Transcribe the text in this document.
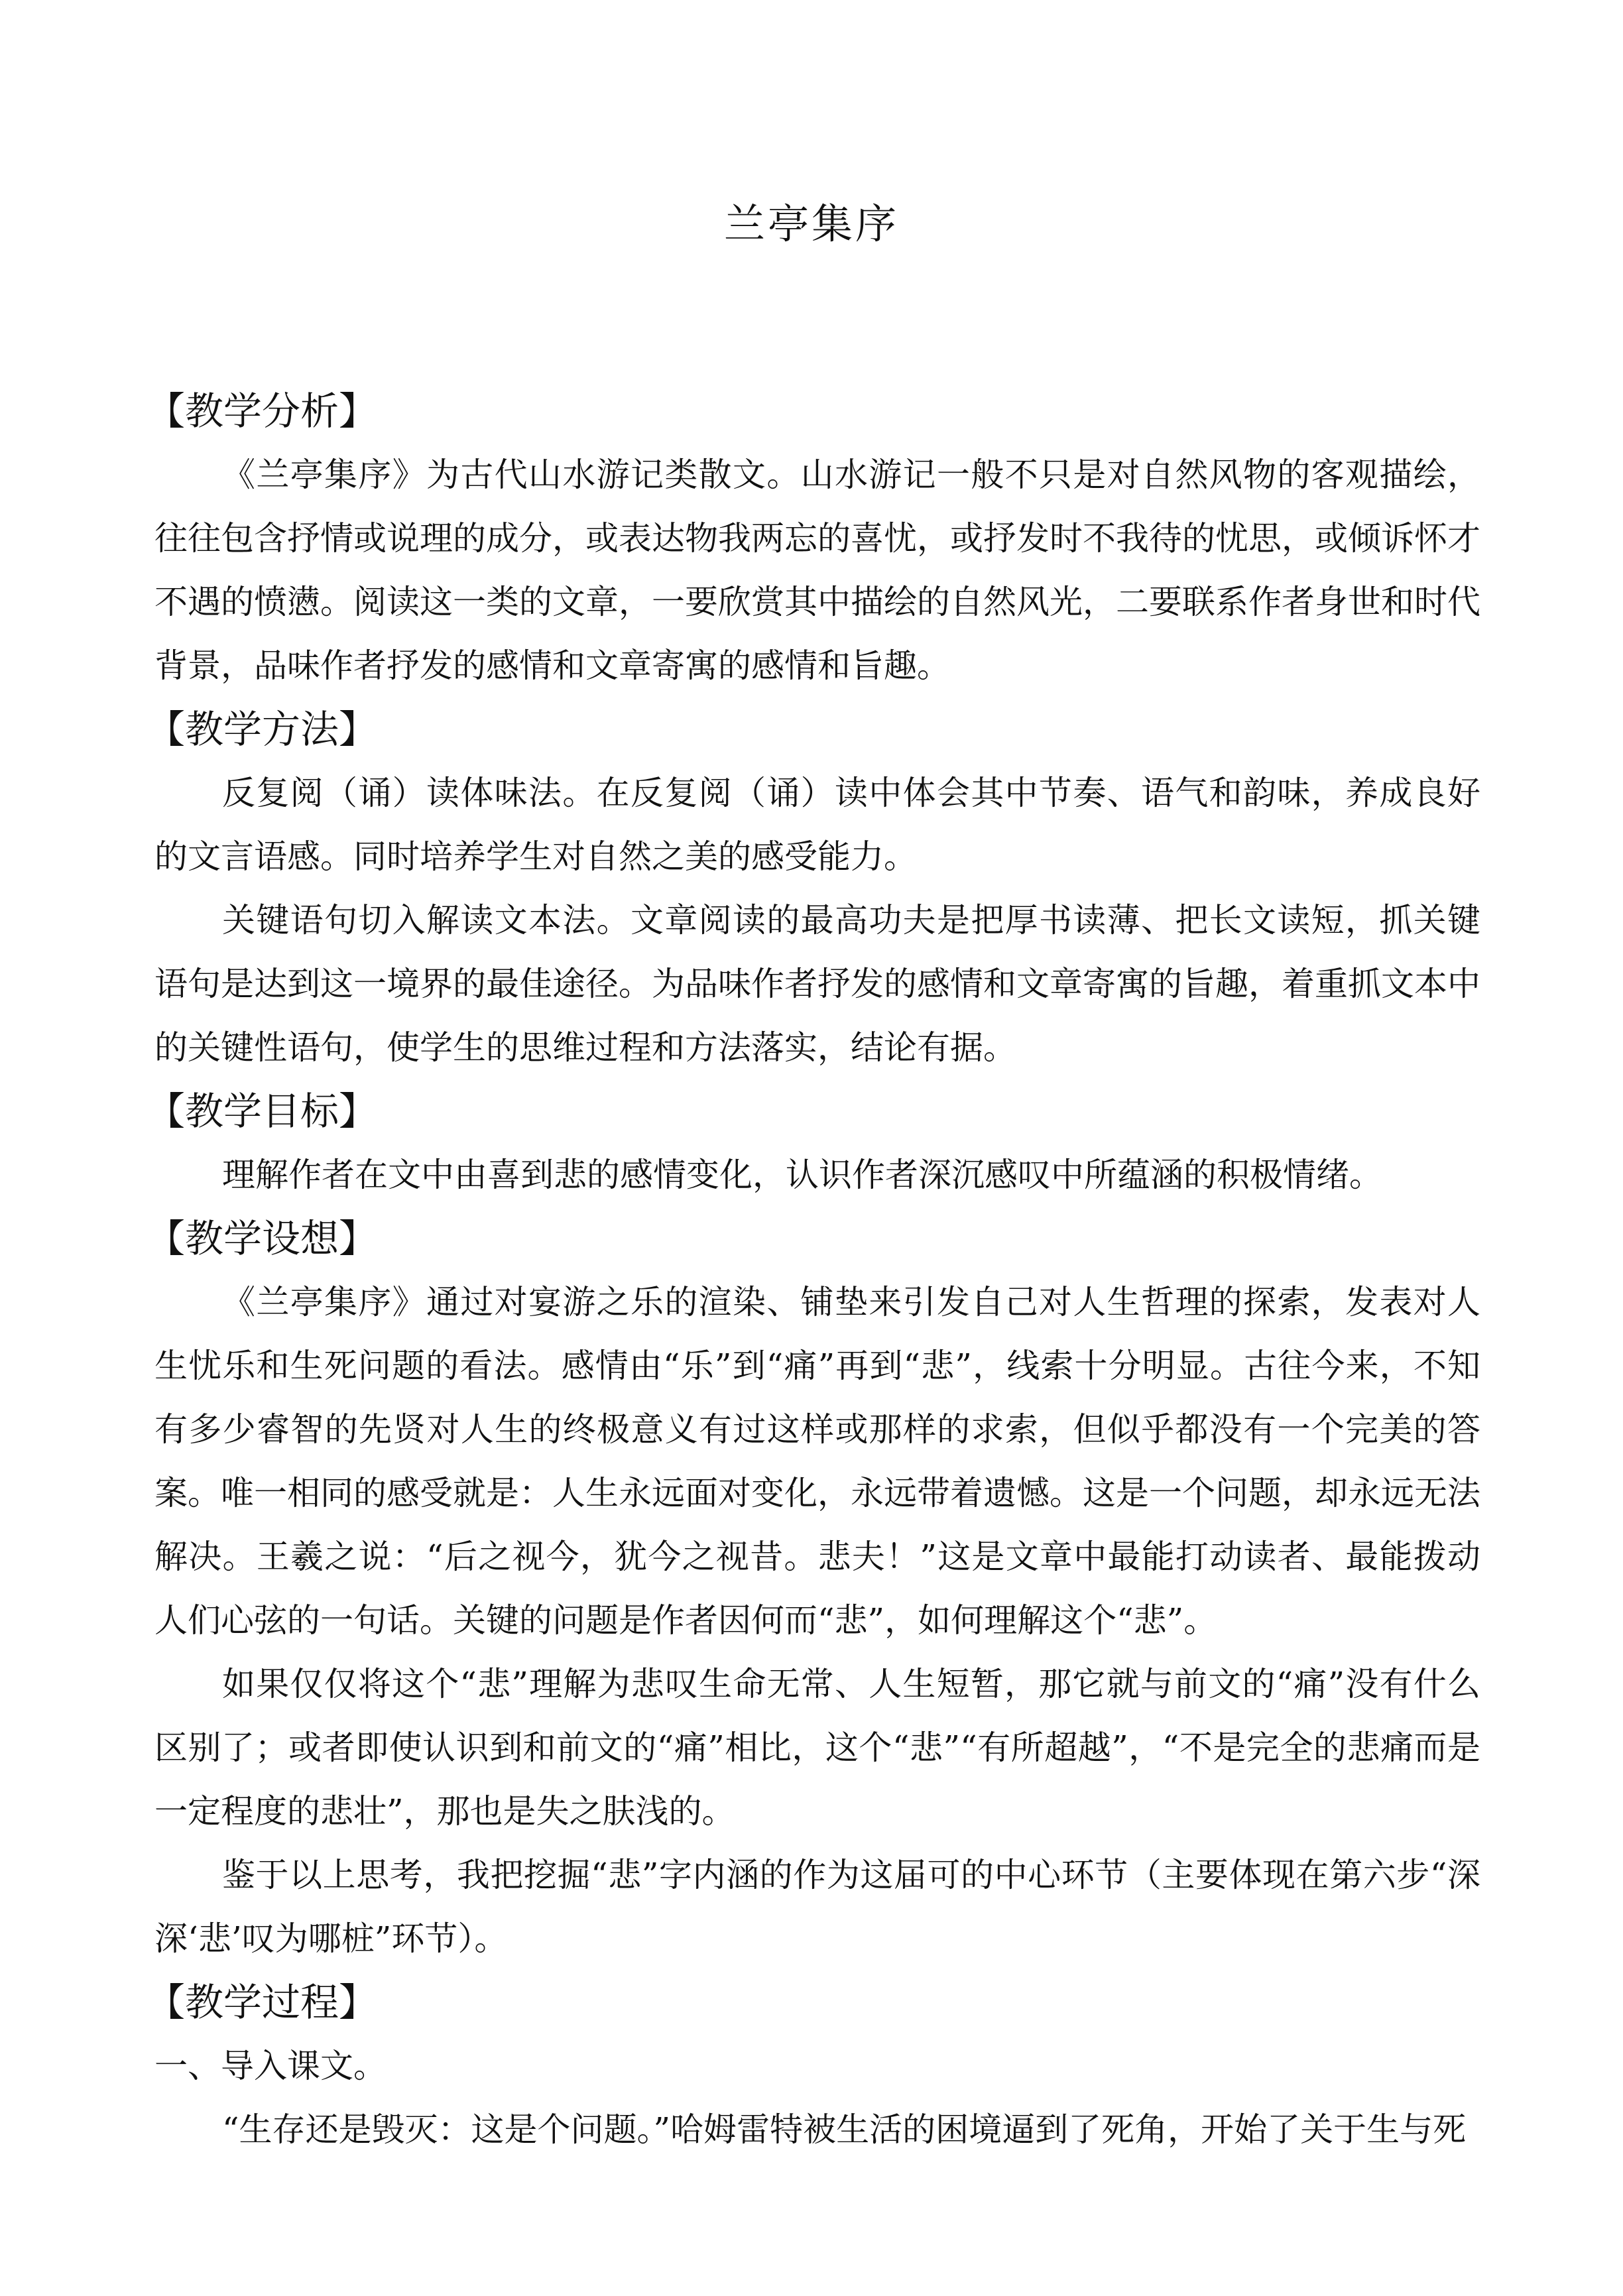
兰亭集序
【教学分析】

《兰亭集序》为古代山水游记类散文。山水游记一般不只是对自然风物的客观描绘，往往包含抒情或说理的成分，或表达物我两忘的喜忧，或抒发时不我待的忧思，或倾诉怀才不遇的愤懑。阅读这一类的文章，一要欣赏其中描绘的自然风光，二要联系作者身世和时代背景，品味作者抒发的感情和文章寄寓的感情和旨趣。

【教学方法】

反复阅（诵）读体味法。在反复阅（诵）读中体会其中节奏、语气和韵味，养成良好的文言语感。同时培养学生对自然之美的感受能力。

关键语句切入解读文本法。文章阅读的最高功夫是把厚书读薄、把长文读短，抓关键语句是达到这一境界的最佳途径。为品味作者抒发的感情和文章寄寓的旨趣，着重抓文本中的关键性语句，使学生的思维过程和方法落实，结论有据。

【教学目标】

理解作者在文中由喜到悲的感情变化，认识作者深沉感叹中所蕴涵的积极情绪。

【教学设想】

《兰亭集序》通过对宴游之乐的渲染、铺垫来引发自己对人生哲理的探索，发表对人生忧乐和生死问题的看法。感情由“乐”到“痛”再到“悲”，线索十分明显。古往今来，不知有多少睿智的先贤对人生的终极意义有过这样或那样的求索，但似乎都没有一个完美的答案。唯一相同的感受就是：人生永远面对变化，永远带着遗憾。这是一个问题，却永远无法解决。王羲之说：“后之视今，犹今之视昔。悲夫！”这是文章中最能打动读者、最能拨动人们心弦的一句话。关键的问题是作者因何而“悲”，如何理解这个“悲”。

如果仅仅将这个“悲”理解为悲叹生命无常、人生短暂，那它就与前文的“痛”没有什么区别了；或者即使认识到和前文的“痛”相比，这个“悲”“有所超越”，“不是完全的悲痛而是一定程度的悲壮”，那也是失之肤浅的。

鉴于以上思考，我把挖掘“悲”字内涵的作为这届可的中心环节（主要体现在第六步“深深‘悲’叹为哪桩”环节）。

【教学过程】

一、导入课文。

“生存还是毁灭：这是个问题。”哈姆雷特被生活的困境逼到了死角，开始了关于生与死
